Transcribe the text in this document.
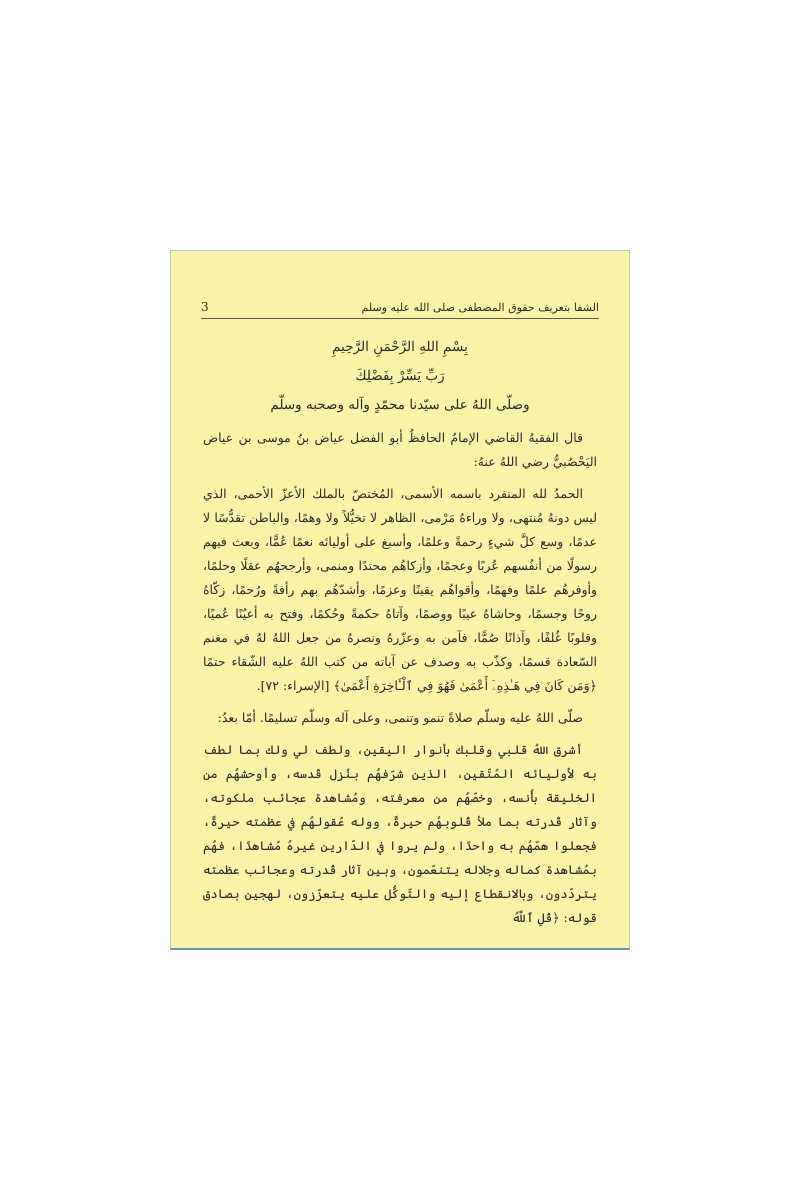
الشفا بتعريف حقوق المصطفى صلى الله عليه وسلم
3
بِسْمِ اللهِ الرَّحْمَنِ الرَّحِيمِ
رَبِّ يَسِّرْ بِفَضْلِكَ
وصلّى اللهُ على سيّدنا محمّدٍ وآله وصحبه وسلّم

قال الفقيهُ القاضي الإمامُ الحافظُ أبو الفضل عياض بنُ موسى بن عياض اليَحْصُبيُّ رضي اللهُ عنهُ:

الحمدُ لله المنفرد باسمه الأسمى، المُختصّ بالملك الأعزّ الأحمى، الذي ليس دونهُ مُنتهى، ولا وراءهُ مَرْمى، الظاهر لا تخيُّلاً ولا وهمًا، والباطن تقدُّسًا لا عدمًا، وسع كلَّ شيءٍ رحمةً وعلمًا، وأسبغ على أوليائه نعمًا عُمًّا، وبعث فيهم رسولًا من أنفُسهم عُربًا وعجمًا، وأزكاهُم محتدًا ومنمى، وأرجحهُم عقلًا وحلمًا، وأوفرهُم علمًا وفهمًا، وأقواهُم يقينًا وعزمًا، وأشدّهُم بهم رأفةً ورُحمًا، زكّاهُ روحًا وجسمًا، وحاشاهُ عيبًا ووصمًا، وآتاهُ حكمةً وحُكمًا، وفتح به أعيُنًا عُميًا، وقلوبًا غُلفًا، وآذانًا صُمًّا، فآمن به وعزّرهُ ونصرهُ من جعل اللهُ لهُ في مغنم السّعادة قسمًا، وكذّب به وصدف عن آياته من كتب اللهُ عليه الشّقاء حتمًا ﴿وَمَن كَانَ فِي هَـٰذِهِۦٓ أَعْمَىٰ فَهُوَ فِي ٱلْـَٔاخِرَةِ أَعْمَىٰ﴾ [الإسراء: ٧٢].

صلّى اللهُ عليه وسلّم صلاةً تنمو وتنمى، وعلى آله وسلّم تسليمًا. أمّا بعدُ:

أشرق اللهُ قلبي وقلبك بأنوار اليقين، ولطف لي ولك بما لطف به لأوليائه المُتّقين، الذين شرّفهُم بنُزل قُدسه، وأوحشهُم من الخليقة بأُنسه، وخصّهُم من معرفته، ومُشاهدة عجائب ملكوته، وآثار قُدرته بما ملأ قُلوبهُم حيرةً، ووله عُقولهُم في عظمته حيرةً، فجعلوا همّهُم به واحدًا، ولم يروا في الدّارين غيرهُ مُشاهدًا، فهُم بمُشاهدة كماله وجلاله يتنعّمون، وبين آثار قُدرته وعجائب عظمته يتردّدون، وبالانقطاع إليه والتّوكُّل عليه يتعزّزون، لهجين بصادق قوله: ﴿قُلِ ٱللَّهُ
